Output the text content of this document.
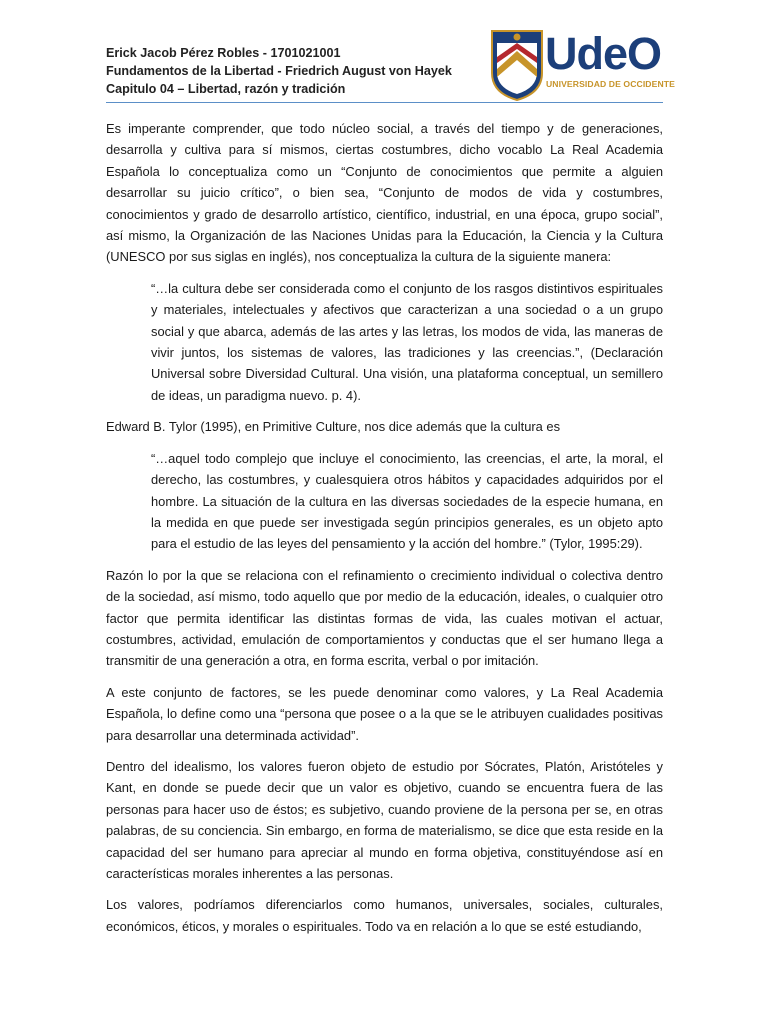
Erick Jacob Pérez Robles - 1701021001
Fundamentos de la Libertad - Friedrich August von Hayek
Capitulo 04 – Libertad, razón y tradición
UdeO
UNIVERSIDAD DE OCCIDENTE

Es imperante comprender, que todo núcleo social, a través del tiempo y de generaciones, desarrolla y cultiva para sí mismos, ciertas costumbres, dicho vocablo La Real Academia Española lo conceptualiza como un “Conjunto de conocimientos que permite a alguien desarrollar su juicio crítico”, o bien sea, “Conjunto de modos de vida y costumbres, conocimientos y grado de desarrollo artístico, científico, industrial, en una época, grupo social”, así mismo, la Organización de las Naciones Unidas para la Educación, la Ciencia y la Cultura (UNESCO por sus siglas en inglés), nos conceptualiza la cultura de la siguiente manera:

“…la cultura debe ser considerada como el conjunto de los rasgos distintivos espirituales y materiales, intelectuales y afectivos que caracterizan a una sociedad o a un grupo social y que abarca, además de las artes y las letras, los modos de vida, las maneras de vivir juntos, los sistemas de valores, las tradiciones y las creencias.”, (Declaración Universal sobre Diversidad Cultural. Una visión, una plataforma conceptual, un semillero de ideas, un paradigma nuevo. p. 4).

Edward B. Tylor (1995), en Primitive Culture, nos dice además que la cultura es

“…aquel todo complejo que incluye el conocimiento, las creencias, el arte, la moral, el derecho, las costumbres, y cualesquiera otros hábitos y capacidades adquiridos por el hombre. La situación de la cultura en las diversas sociedades de la especie humana, en la medida en que puede ser investigada según principios generales, es un objeto apto para el estudio de las leyes del pensamiento y la acción del hombre.” (Tylor, 1995:29).

Razón lo por la que se relaciona con el refinamiento o crecimiento individual o colectiva dentro de la sociedad, así mismo, todo aquello que por medio de la educación, ideales, o cualquier otro factor que permita identificar las distintas formas de vida, las cuales motivan el actuar, costumbres, actividad, emulación de comportamientos y conductas que el ser humano llega a transmitir de una generación a otra, en forma escrita, verbal o por imitación.

A este conjunto de factores, se les puede denominar como valores, y La Real Academia Española, lo define como una “persona que posee o a la que se le atribuyen cualidades positivas para desarrollar una determinada actividad”.

Dentro del idealismo, los valores fueron objeto de estudio por Sócrates, Platón, Aristóteles y Kant, en donde se puede decir que un valor es objetivo, cuando se encuentra fuera de las personas para hacer uso de éstos; es subjetivo, cuando proviene de la persona per se, en otras palabras, de su conciencia. Sin embargo, en forma de materialismo, se dice que esta reside en la capacidad del ser humano para apreciar al mundo en forma objetiva, constituyéndose así en características morales inherentes a las personas.

Los valores, podríamos diferenciarlos como humanos, universales, sociales, culturales, económicos, éticos, y morales o espirituales. Todo va en relación a lo que se esté estudiando,
